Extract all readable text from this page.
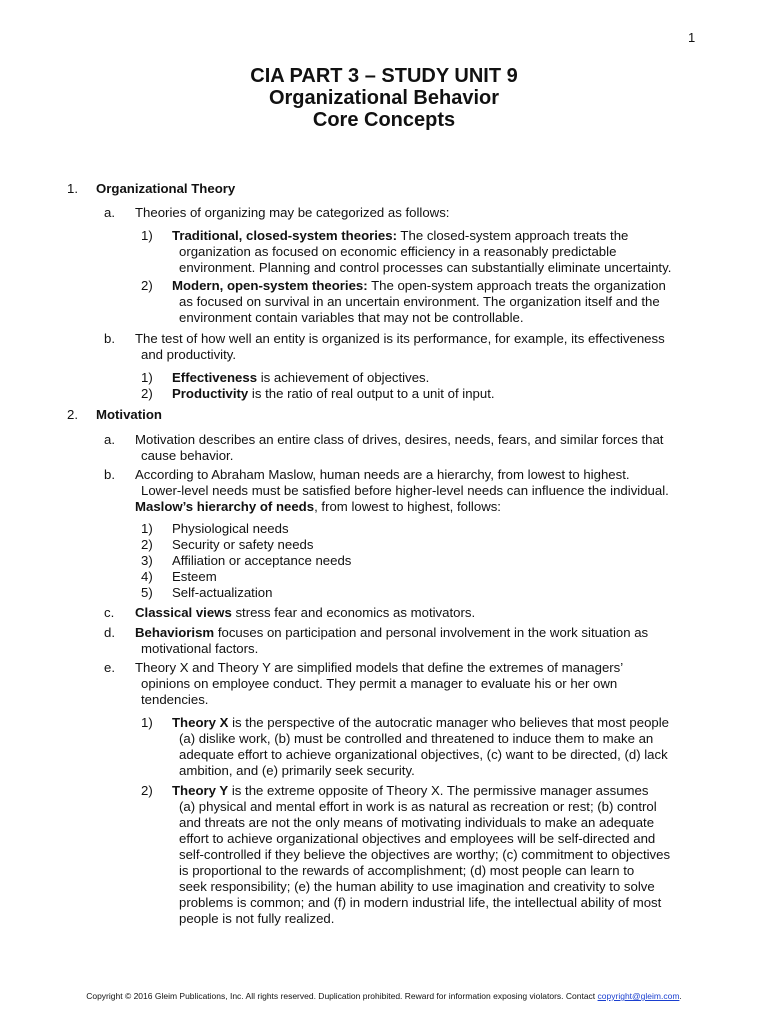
1
CIA PART 3 – STUDY UNIT 9
Organizational Behavior
Core Concepts
1. Organizational Theory
a. Theories of organizing may be categorized as follows:
1) Traditional, closed-system theories: The closed-system approach treats the
organization as focused on economic efficiency in a reasonably predictable
environment. Planning and control processes can substantially eliminate uncertainty.
2) Modern, open-system theories: The open-system approach treats the organization
as focused on survival in an uncertain environment. The organization itself and the
environment contain variables that may not be controllable.
b. The test of how well an entity is organized is its performance, for example, its effectiveness
and productivity.
1) Effectiveness is achievement of objectives.
2) Productivity is the ratio of real output to a unit of input.
2. Motivation
a. Motivation describes an entire class of drives, desires, needs, fears, and similar forces that
cause behavior.
b. According to Abraham Maslow, human needs are a hierarchy, from lowest to highest.
Lower-level needs must be satisfied before higher-level needs can influence the individual.
Maslow’s hierarchy of needs, from lowest to highest, follows:
1) Physiological needs
2) Security or safety needs
3) Affiliation or acceptance needs
4) Esteem
5) Self-actualization
c. Classical views stress fear and economics as motivators.
d. Behaviorism focuses on participation and personal involvement in the work situation as
motivational factors.
e. Theory X and Theory Y are simplified models that define the extremes of managers’
opinions on employee conduct. They permit a manager to evaluate his or her own
tendencies.
1) Theory X is the perspective of the autocratic manager who believes that most people
(a) dislike work, (b) must be controlled and threatened to induce them to make an
adequate effort to achieve organizational objectives, (c) want to be directed, (d) lack
ambition, and (e) primarily seek security.
2) Theory Y is the extreme opposite of Theory X. The permissive manager assumes
(a) physical and mental effort in work is as natural as recreation or rest; (b) control
and threats are not the only means of motivating individuals to make an adequate
effort to achieve organizational objectives and employees will be self-directed and
self-controlled if they believe the objectives are worthy; (c) commitment to objectives
is proportional to the rewards of accomplishment; (d) most people can learn to
seek responsibility; (e) the human ability to use imagination and creativity to solve
problems is common; and (f) in modern industrial life, the intellectual ability of most
people is not fully realized.
Copyright © 2016 Gleim Publications, Inc. All rights reserved. Duplication prohibited. Reward for information exposing violators. Contact copyright@gleim.com.
